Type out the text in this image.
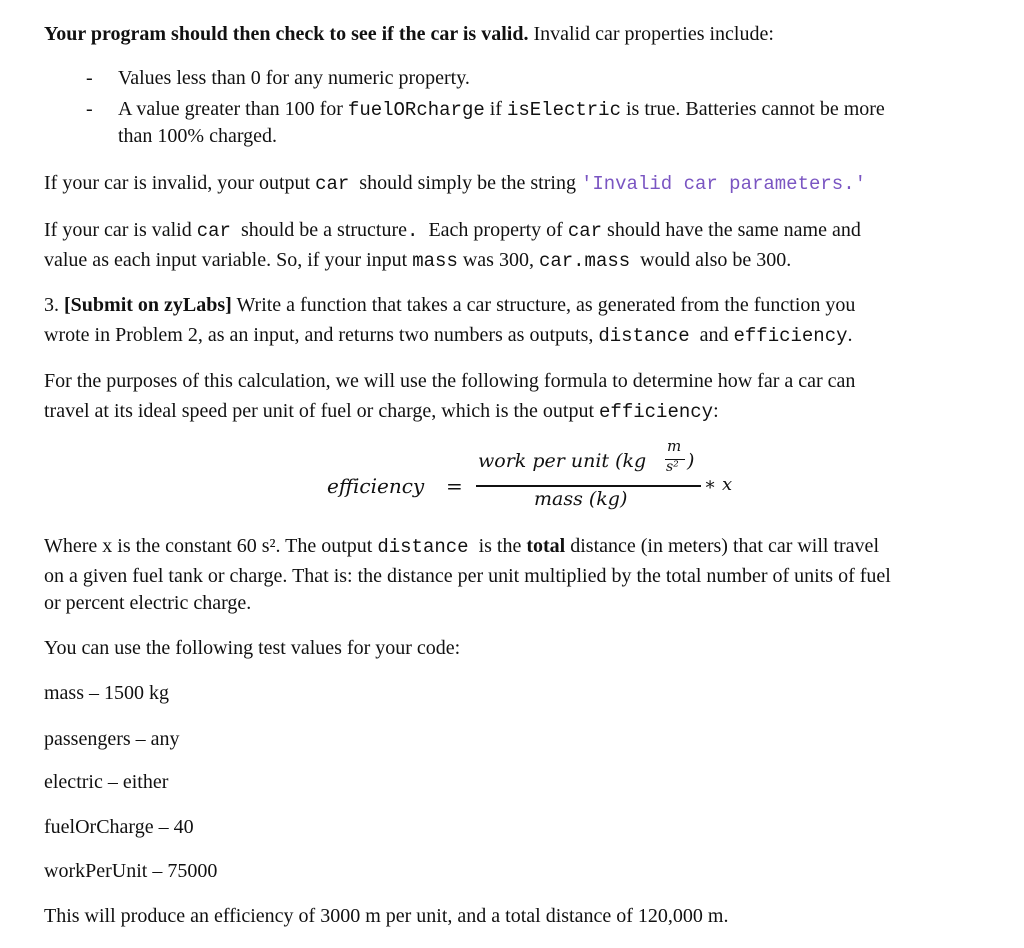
Your program should then check to see if the car is valid. Invalid car properties include:
- Values less than 0 for any numeric property.
- A value greater than 100 for fuelORcharge if isElectric is true. Batteries cannot be more
than 100% charged.
If your car is invalid, your output car  should simply be the string 'Invalid car parameters.'
If your car is valid car  should be a structure.  Each property of car should have the same name and
value as each input variable. So, if your input mass was 300, car.mass  would also be 300.
3. [Submit on zyLabs] Write a function that takes a car structure, as generated from the function you
wrote in Problem 2, as an input, and returns two numbers as outputs, distance  and efficiency.
For the purposes of this calculation, we will use the following formula to determine how far a car can
travel at its ideal speed per unit of fuel or charge, which is the output efficiency:
efficiency =
work per unit (kg
m
s² )
mass (kg)
∗ x
Where x is the constant 60 s². The output distance  is the total distance (in meters) that car will travel
on a given fuel tank or charge. That is: the distance per unit multiplied by the total number of units of fuel
or percent electric charge.
You can use the following test values for your code:
mass – 1500 kg
passengers – any
electric – either
fuelOrCharge – 40
workPerUnit – 75000
This will produce an efficiency of 3000 m per unit, and a total distance of 120,000 m.
